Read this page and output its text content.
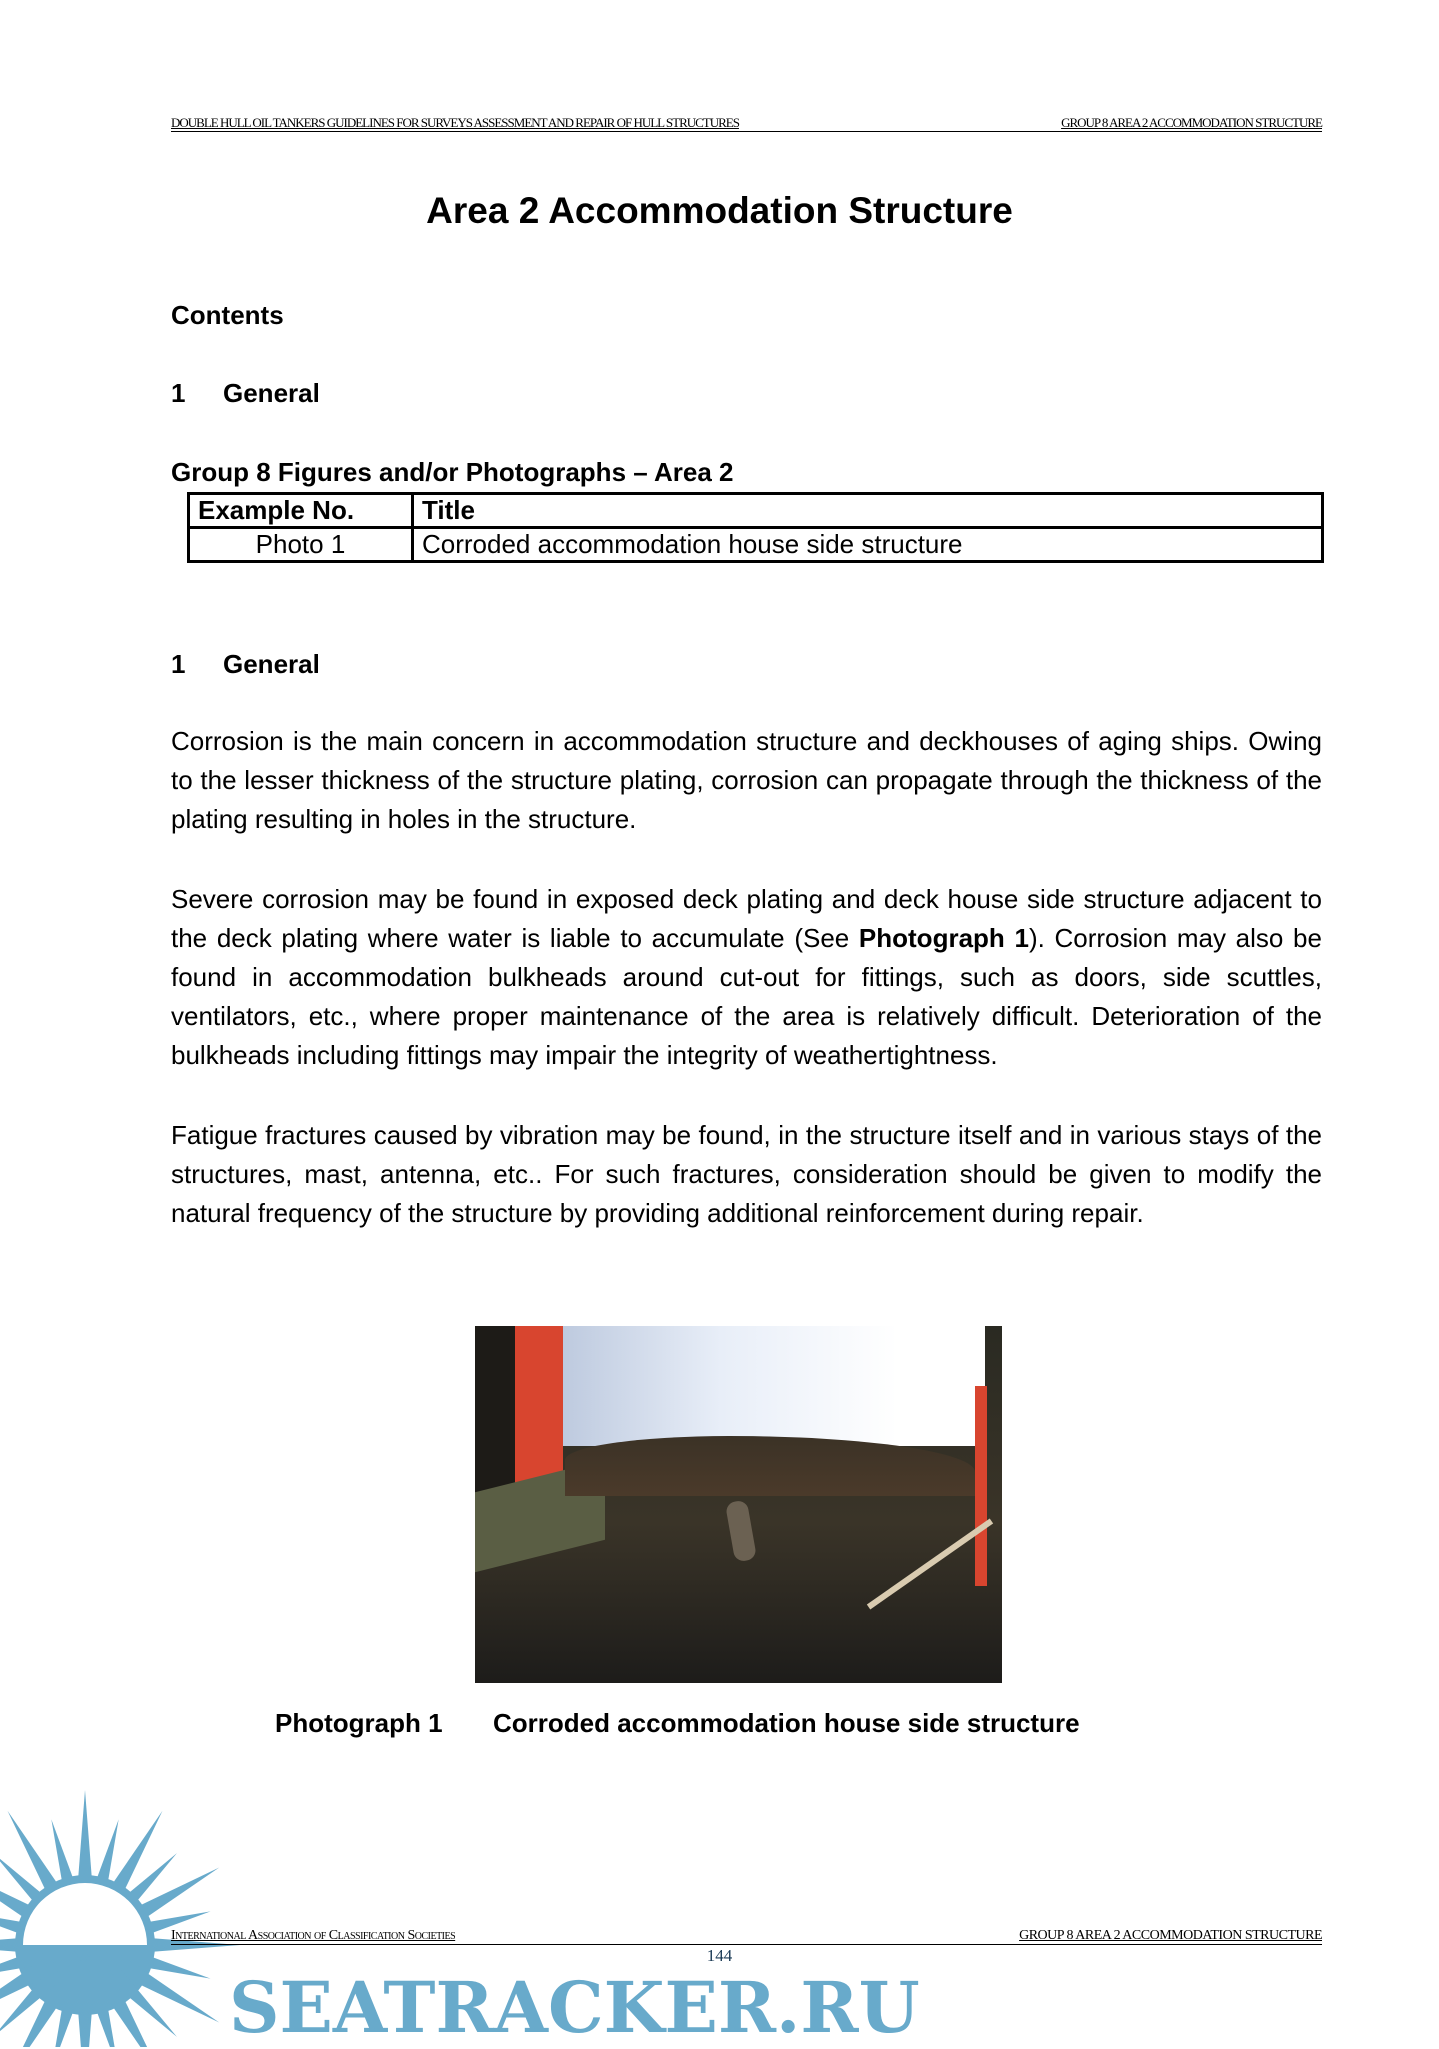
DOUBLE HULL OIL TANKERS GUIDELINES FOR SURVEYS ASSESSMENT AND REPAIR OF HULL STRUCTURES	GROUP 8 AREA 2 ACCOMMODATION STRUCTURE
Area 2 Accommodation Structure
Contents
1 General
Group 8 Figures and/or Photographs – Area 2
Example No.	Title
Photo 1	Corroded accommodation house side structure
1 General
Corrosion is the main concern in accommodation structure and deckhouses of aging ships. Owing to the lesser thickness of the structure plating, corrosion can propagate through the thickness of the plating resulting in holes in the structure.
Severe corrosion may be found in exposed deck plating and deck house side structure adjacent to the deck plating where water is liable to accumulate (See Photograph 1). Corrosion may also be found in accommodation bulkheads around cut-out for fittings, such as doors, side scuttles, ventilators, etc., where proper maintenance of the area is relatively difficult. Deterioration of the bulkheads including fittings may impair the integrity of weathertightness.
Fatigue fractures caused by vibration may be found, in the structure itself and in various stays of the structures, mast, antenna, etc.. For such fractures, consideration should be given to modify the natural frequency of the structure by providing additional reinforcement during repair.
Photograph 1 Corroded accommodation house side structure
International Association of Classification Societies	GROUP 8 AREA 2 ACCOMMODATION STRUCTURE
144
SEATRACKER.RU
